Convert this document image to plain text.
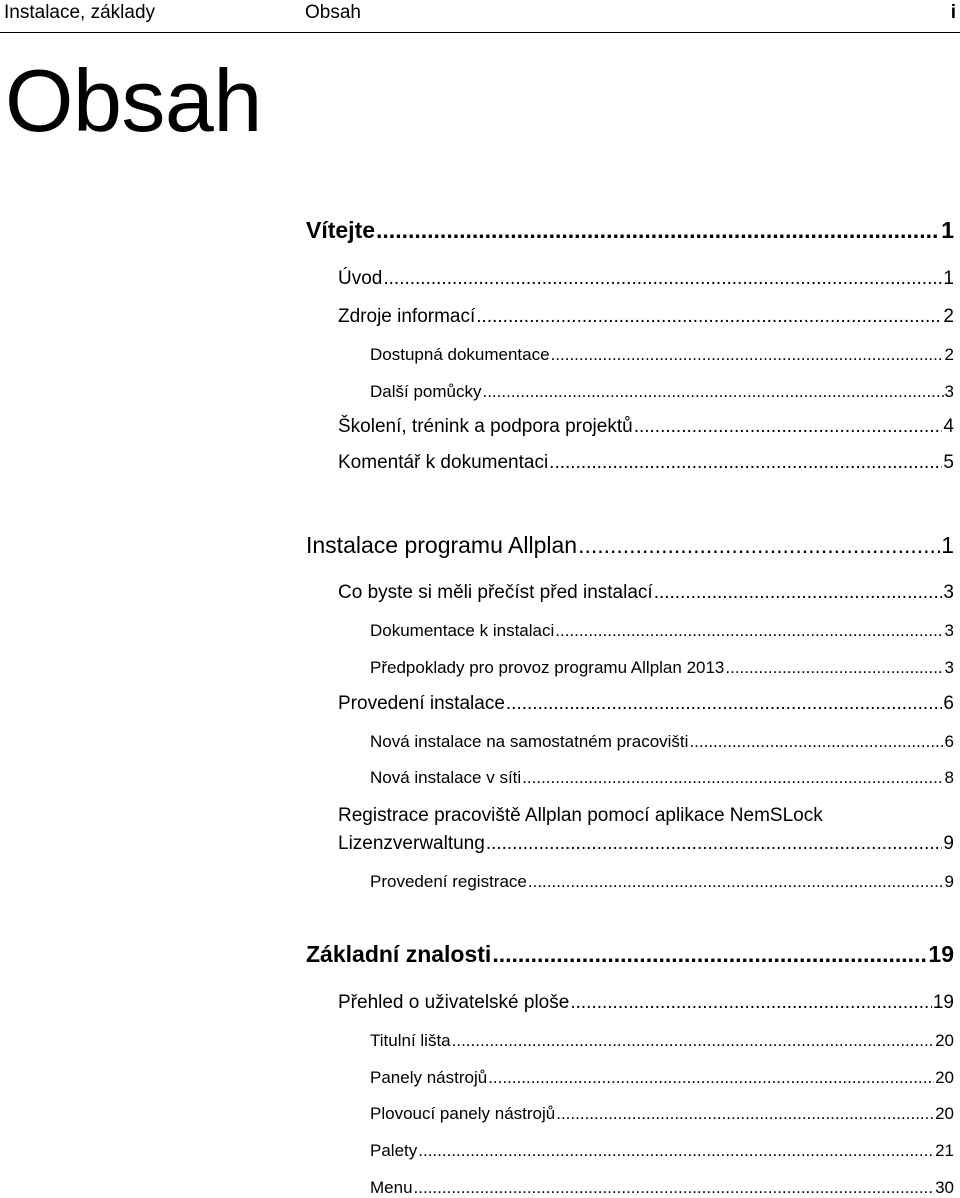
Instalace, základy	Obsah	i
Obsah
Vítejte .....	1
Úvod .....	1
Zdroje informací .....	2
Dostupná dokumentace .....	2
Další pomůcky .....	3
Školení, trénink a podpora projektů .....	4
Komentář k dokumentaci .....	5
Instalace programu Allplan .....	1
Co byste si měli přečíst před instalací .....	3
Dokumentace k instalaci .....	3
Předpoklady pro provoz programu Allplan 2013 .....	3
Provedení instalace .....	6
Nová instalace na samostatném pracovišti .....	6
Nová instalace v síti .....	8
Registrace pracoviště Allplan pomocí aplikace NemSLock
Lizenzverwaltung .....	9
Provedení registrace .....	9
Základní znalosti .....	19
Přehled o uživatelské ploše .....	19
Titulní lišta .....	20
Panely nástrojů .....	20
Plovoucí panely nástrojů .....	20
Palety .....	21
Menu .....	30
